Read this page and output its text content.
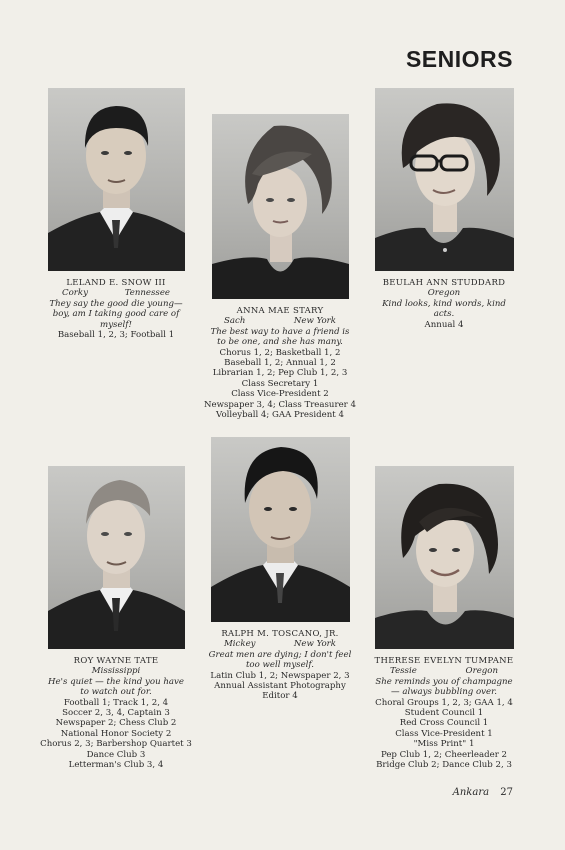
SENIORS
LELAND E. SNOW III
Corky	Tennessee
They say the good die young—boy, am I taking good care of myself!
Baseball 1, 2, 3; Football 1
ANNA MAE STARY
Sach	New York
The best way to have a friend is to be one, and she has many.
Chorus 1, 2; Basketball 1, 2
Baseball 1, 2; Annual 1, 2
Librarian 1, 2; Pep Club 1, 2, 3
Class Secretary 1
Class Vice-President 2
Newspaper 3, 4; Class Treasurer 4
Volleyball 4; GAA President 4
BEULAH ANN STUDDARD
Oregon
Kind looks, kind words, kind acts.
Annual 4
ROY WAYNE TATE
Mississippi
He's quiet — the kind you have to watch out for.
Football 1; Track 1, 2, 4
Soccer 2, 3, 4, Captain 3
Newspaper 2; Chess Club 2
National Honor Society 2
Chorus 2, 3; Barbershop Quartet 3
Dance Club 3
Letterman's Club 3, 4
RALPH M. TOSCANO, JR.
Mickey	New York
Great men are dying; I don't feel too well myself.
Latin Club 1, 2; Newspaper 2, 3
Annual Assistant Photography
Editor 4
THERESE EVELYN TUMPANE
Tessie	Oregon
She reminds you of champagne — always bubbling over.
Choral Groups 1, 2, 3; GAA 1, 4
Student Council 1
Red Cross Council 1
Class Vice-President 1
"Miss Print" 1
Pep Club 1, 2; Cheerleader 2
Bridge Club 2; Dance Club 2, 3
Ankara 27
